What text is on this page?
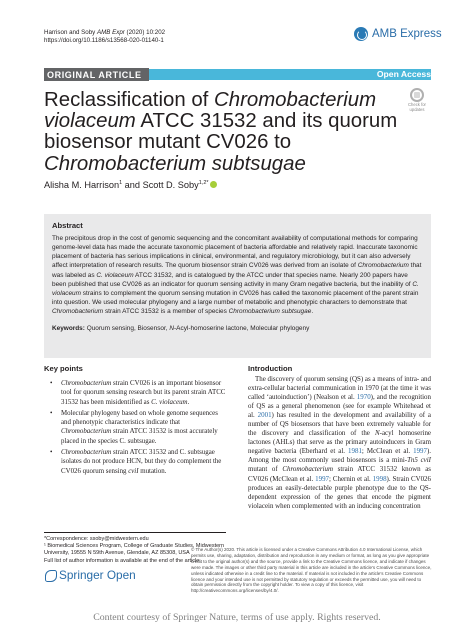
Harrison and Soby AMB Expr (2020) 10:202
https://doi.org/10.1186/s13568-020-01140-1
AMB Express
ORIGINAL ARTICLE	Open Access
Check for updates
Reclassification of Chromobacterium violaceum ATCC 31532 and its quorum biosensor mutant CV026 to Chromobacterium subtsugae
Alisha M. Harrison$^1$ and Scott D. Soby$^{1,2*}$
Abstract
The precipitous drop in the cost of genomic sequencing and the concomitant availability of computational methods for comparing genome-level data has made the accurate taxonomic placement of bacteria affordable and relatively rapid. Inaccurate taxonomic placement of bacteria has serious implications in clinical, environmental, and regulatory microbiology, but it can also adversely affect interpretation of research results. The quorum biosensor strain CV026 was derived from an isolate of Chromobacterium that was labeled as C. violaceum ATCC 31532, and is catalogued by the ATCC under that species name. Nearly 200 papers have been published that use CV026 as an indicator for quorum sensing activity in many Gram negative bacteria, but the inability of C. violaceum strains to complement the quorum sensing mutation in CV026 has called the taxonomic placement of the parent strain into question. We used molecular phylogeny and a large number of metabolic and phenotypic characters to demonstrate that Chromobacterium strain ATCC 31532 is a member of species Chromobacterium subtsugae.
Keywords: Quorum sensing, Biosensor, N-Acyl-homoserine lactone, Molecular phylogeny
Key points
• Chromobacterium strain CV026 is an important biosensor tool for quorum sensing research but its parent strain ATCC 31532 has been misidentified as C. violaceum.
• Molecular phylogeny based on whole genome sequences and phenotypic characteristics indicate that Chromobacterium strain ATCC 31532 is most accurately placed in the species C. subtsugae.
• Chromobacterium strain ATCC 31532 and C. subtsugae isolates do not produce HCN, but they do complement the CV026 quorum sensing cviI mutation.
*Correspondence: ssoby@midwestern.edu
¹ Biomedical Sciences Program, College of Graduate Studies, Midwestern University, 19555 N 59th Avenue, Glendale, AZ 85308, USA
Full list of author information is available at the end of the article
Introduction

The discovery of quorum sensing (QS) as a means of intra- and extra-cellular bacterial communication in 1970 (at the time it was called ‘autoinduction’) (Nealson et al. 1970), and the recognition of QS as a general phenomenon (see for example Whitehead et al. 2001) has resulted in the development and availability of a number of QS biosensors that have been extremely valuable for the discovery and classification of the N-acyl homoserine lactones (AHLs) that serve as the primary autoinducers in Gram negative bacteria (Eberhard et al. 1981; McClean et al. 1997). Among the most commonly used biosensors is a mini-Tn5 cviI mutant of Chromobacterium strain ATCC 31532 known as CV026 (McClean et al. 1997; Chernin et al. 1998). Strain CV026 produces an easily-detectable purple phenotype due to the QS-dependent expression of the genes that encode the pigment violacein when complemented with an inducing concentration

Springer Open
© The Author(s) 2020. This article is licensed under a Creative Commons Attribution 4.0 International License, which permits use, sharing, adaptation, distribution and reproduction in any medium or format, as long as you give appropriate credit to the original author(s) and the source, provide a link to the Creative Commons licence, and indicate if changes were made. The images or other third party material in this article are included in the article’s Creative Commons licence, unless indicated otherwise in a credit line to the material. If material is not included in the article’s Creative Commons licence and your intended use is not permitted by statutory regulation or exceeds the permitted use, you will need to obtain permission directly from the copyright holder. To view a copy of this licence, visit http://creativecommons.org/licenses/by/4.0/.
Content courtesy of Springer Nature, terms of use apply. Rights reserved.
